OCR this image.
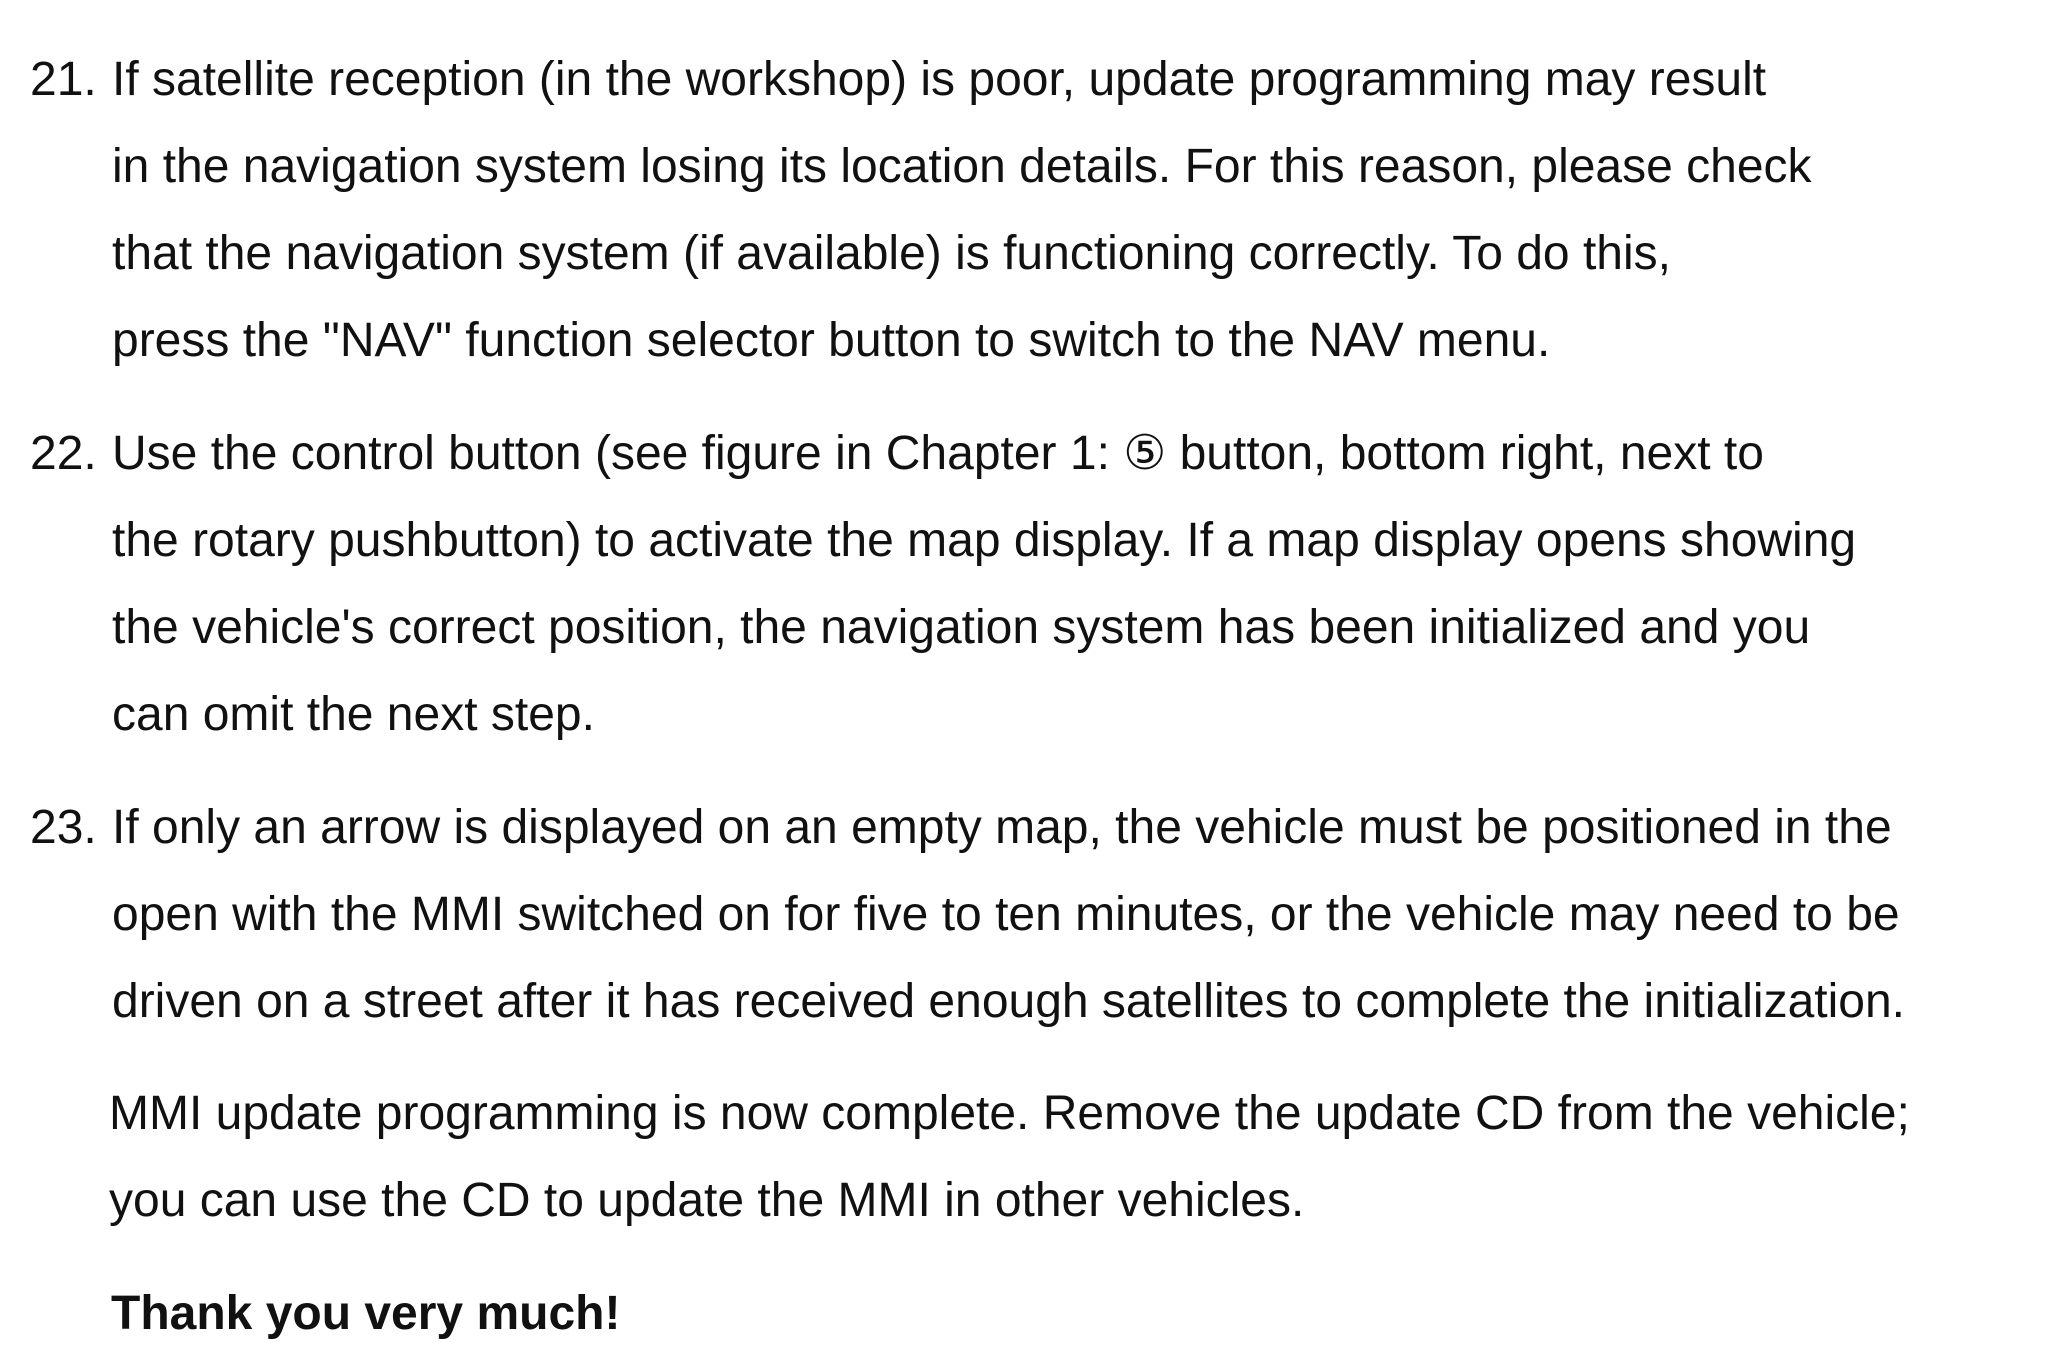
21. If satellite reception (in the workshop) is poor, update programming may result
in the navigation system losing its location details. For this reason, please check
that the navigation system (if available) is functioning correctly. To do this,
press the "NAV" function selector button to switch to the NAV menu.
22. Use the control button (see figure in Chapter 1: ⑤ button, bottom right, next to
the rotary pushbutton) to activate the map display. If a map display opens showing
the vehicle's correct position, the navigation system has been initialized and you
can omit the next step.
23. If only an arrow is displayed on an empty map, the vehicle must be positioned in the
open with the MMI switched on for five to ten minutes, or the vehicle may need to be
driven on a street after it has received enough satellites to complete the initialization.
MMI update programming is now complete. Remove the update CD from the vehicle;
you can use the CD to update the MMI in other vehicles.
Thank you very much!
